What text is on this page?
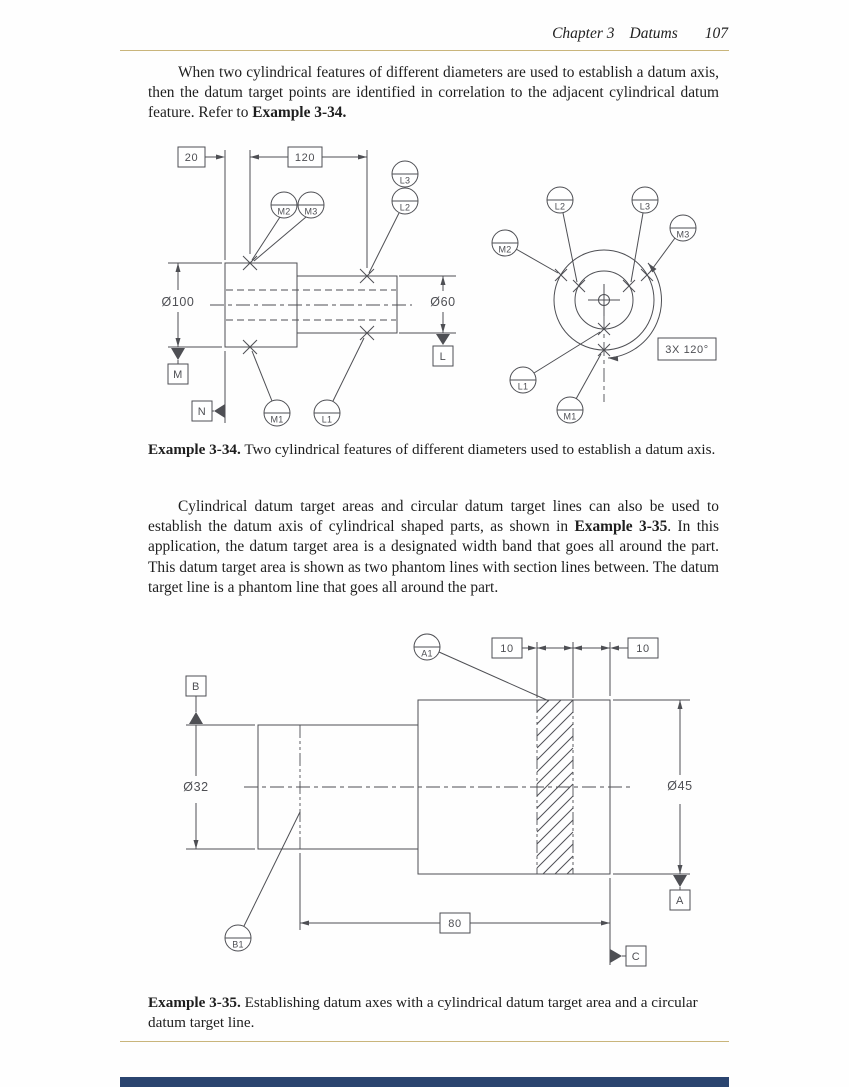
Chapter 3 Datums 107

When two cylindrical features of different diameters are used to establish a datum axis, then the datum target points are identified in correlation to the adjacent cylindrical datum feature. Refer to Example 3-34.

20	120
Ø100
M
N
Ø60
L
M2 M3
L3
L2
M1	L1
3X 120°
M2
L2	L3
M3
L1
M1

Example 3-34. Two cylindrical features of different diameters used to establish a datum axis.

Cylindrical datum target areas and circular datum target lines can also be used to establish the datum axis of cylindrical shaped parts, as shown in Example 3-35. In this application, the datum target area is a designated width band that goes all around the part. This datum target area is shown as two phantom lines with section lines between. The datum target line is a phantom line that goes all around the part.

10	10
A1
Ø32
B
Ø45
A
80
C
B1

Example 3-35. Establishing datum axes with a cylindrical datum target area and a circular datum target line.
